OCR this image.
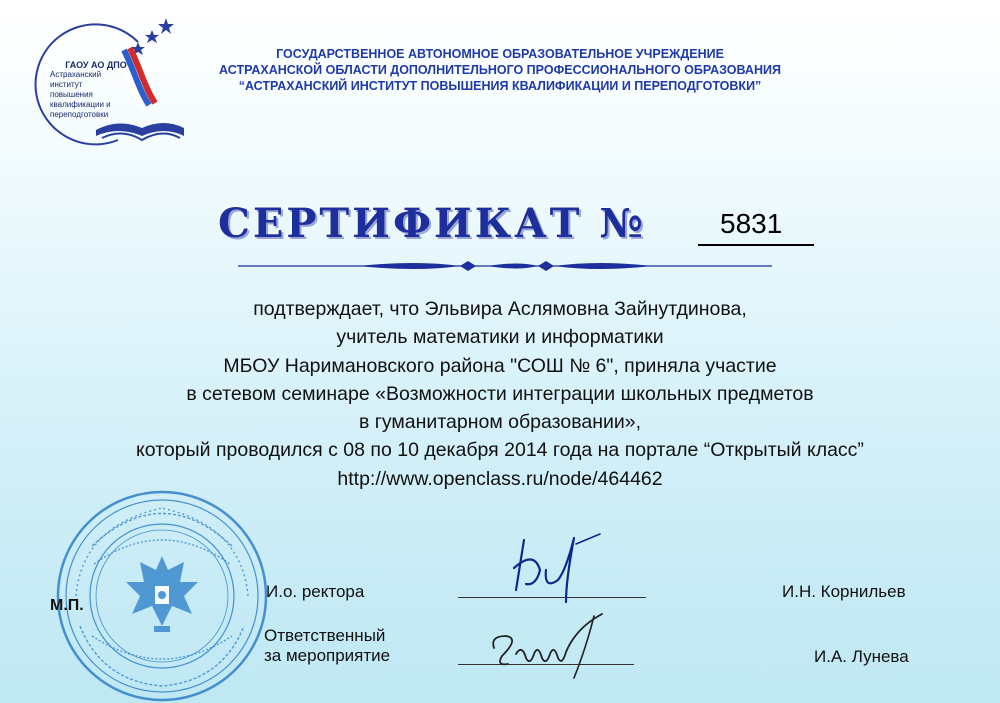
ГАОУ АО ДПО
Астраханский
институт
повышения
квалификации и
переподготовки
ГОСУДАРСТВЕННОЕ АВТОНОМНОЕ ОБРАЗОВАТЕЛЬНОЕ УЧРЕЖДЕНИЕ
АСТРАХАНСКОЙ ОБЛАСТИ ДОПОЛНИТЕЛЬНОГО ПРОФЕССИОНАЛЬНОГО ОБРАЗОВАНИЯ
“АСТРАХАНСКИЙ ИНСТИТУТ ПОВЫШЕНИЯ КВАЛИФИКАЦИИ И ПЕРЕПОДГОТОВКИ”
СЕРТИФИКАТ №	5831
подтверждает, что Эльвира Аслямовна Зайнутдинова,
учитель математики и информатики
МБОУ Наримановского района "СОШ № 6", приняла участие
в сетевом семинаре «Возможности интеграции школьных предметов
в гуманитарном образовании»,
который проводился с 08 по 10 декабря 2014 года на портале “Открытый класс”
http://www.openclass.ru/node/464462
М.П.
И.о. ректора	И.Н. Корнильев
Ответственный
за мероприятие	И.А. Лунева
